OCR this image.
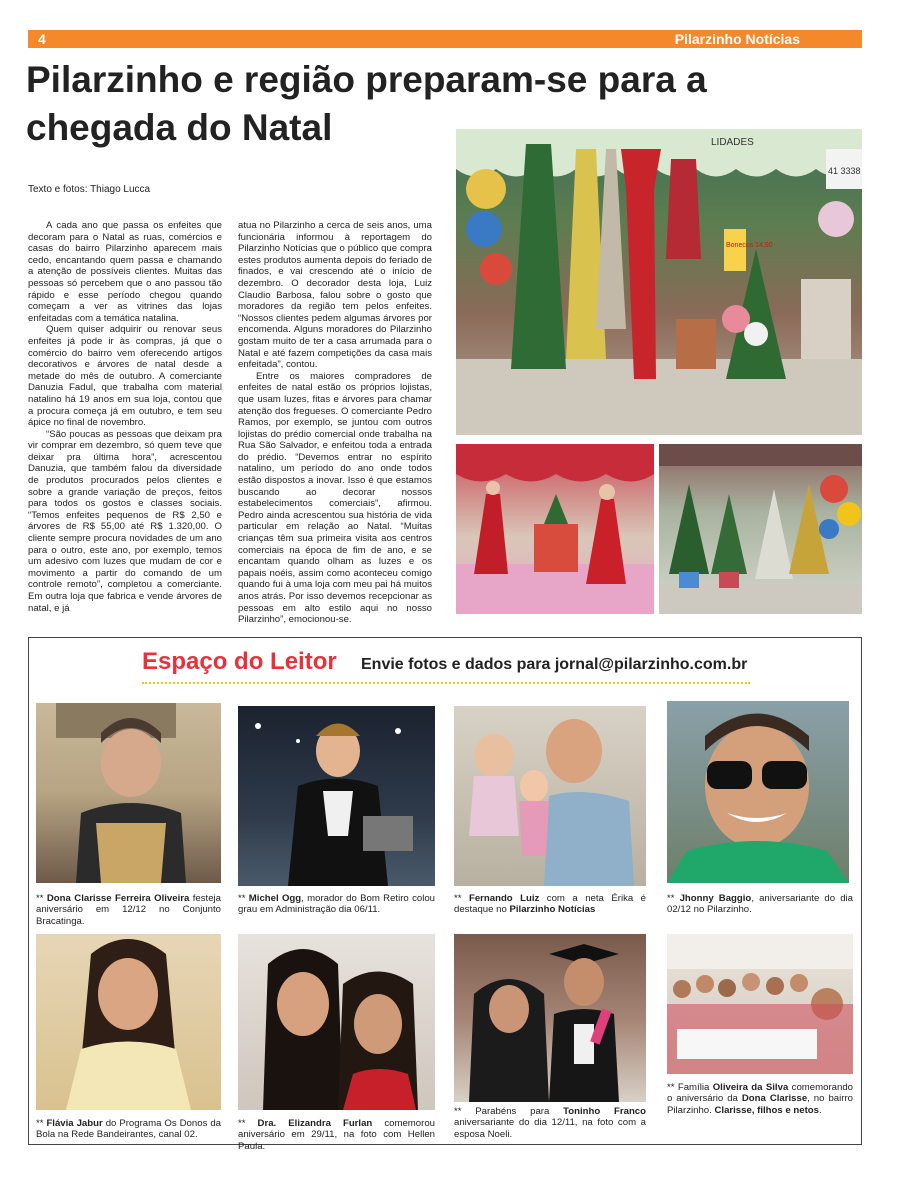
4	Pilarzinho Notícias
Pilarzinho e região preparam-se para a chegada do Natal
Texto e fotos: Thiago Lucca

A cada ano que passa os enfeites que decoram para o Natal as ruas, comércios e casas do bairro Pilarzinho aparecem mais cedo, encantando quem passa e chamando a atenção de possíveis clientes. Muitas das pessoas só percebem que o ano passou tão rápido e esse período chegou quando começam a ver as vitrines das lojas enfeitadas com a temática natalina.

Quem quiser adquirir ou renovar seus enfeites já pode ir às compras, já que o comércio do bairro vem oferecendo artigos decorativos e árvores de natal desde a metade do mês de outubro. A comerciante Danuzia Fadul, que trabalha com material natalino há 19 anos em sua loja, contou que a procura começa já em outubro, e tem seu ápice no final de novembro.

“São poucas as pessoas que deixam pra vir comprar em dezembro, só quem teve que deixar pra última hora”, acrescentou Danuzia, que também falou da diversidade de produtos procurados pelos clientes e sobre a grande variação de preços, feitos para todos os gostos e classes sociais. “Temos enfeites pequenos de R$ 2,50 e árvores de R$ 55,00 até R$ 1.320,00. O cliente sempre procura novidades de um ano para o outro, este ano, por exemplo, temos um adesivo com luzes que mudam de cor e movimento a partir do comando de um controle remoto”, completou a comerciante. Em outra loja que fabrica e vende árvores de natal, e já

atua no Pilarzinho a cerca de seis anos, uma funcionária informou à reportagem do Pilarzinho Notícias que o público que compra estes produtos aumenta depois do feriado de finados, e vai crescendo até o início de dezembro. O decorador desta loja, Luiz Claudio Barbosa, falou sobre o gosto que moradores da região tem pelos enfeites. “Nossos clientes pedem algumas árvores por encomenda. Alguns moradores do Pilarzinho gostam muito de ter a casa arrumada para o Natal e até fazem competições da casa mais enfeitada”, contou.

Entre os maiores compradores de enfeites de natal estão os próprios lojistas, que usam luzes, fitas e árvores para chamar atenção dos fregueses. O comerciante Pedro Ramos, por exemplo, se juntou com outros lojistas do prédio comercial onde trabalha na Rua São Salvador, e enfeitou toda a entrada do prédio. “Devemos entrar no espírito natalino, um período do ano onde todos estão dispostos a inovar. Isso é que estamos buscando ao decorar nossos estabelecimentos comerciais”, afirmou. Pedro ainda acrescentou sua história de vida particular em relação ao Natal. “Muitas crianças têm sua primeira visita aos centros comerciais na época de fim de ano, e se encantam quando olham as luzes e os papais noéis, assim como aconteceu comigo quando fui à uma loja com meu pai há muitos anos atrás. Por isso devemos recepcionar as pessoas em alto estilo aqui no nosso Pilarzinho”, emocionou-se.

LIDADES
41 3338
Bonecos 14,90
Espaço do Leitor Envie fotos e dados para jornal@pilarzinho.com.br
** Dona Clarisse Ferreira Oliveira festeja aniversário em 12/12 no Conjunto Bracatinga.
** Michel Ogg, morador do Bom Retiro colou grau em Administração dia 06/11.
** Fernando Luiz com a neta Érika é destaque no Pilarzinho Notícias
** Jhonny Baggio, aniversariante do dia 02/12 no Pilarzinho.
** Flávia Jabur do Programa Os Donos da Bola na Rede Bandeirantes, canal 02.
** Dra. Elizandra Furlan comemorou aniversário em 29/11, na foto com Hellen Paula.
** Parabéns para Toninho Franco aniversariante do dia 12/11, na foto com a esposa Noeli.
** Família Oliveira da Silva comemorando o aniversário da Dona Clarisse, no bairro Pilarzinho. Clarisse, filhos e netos.
